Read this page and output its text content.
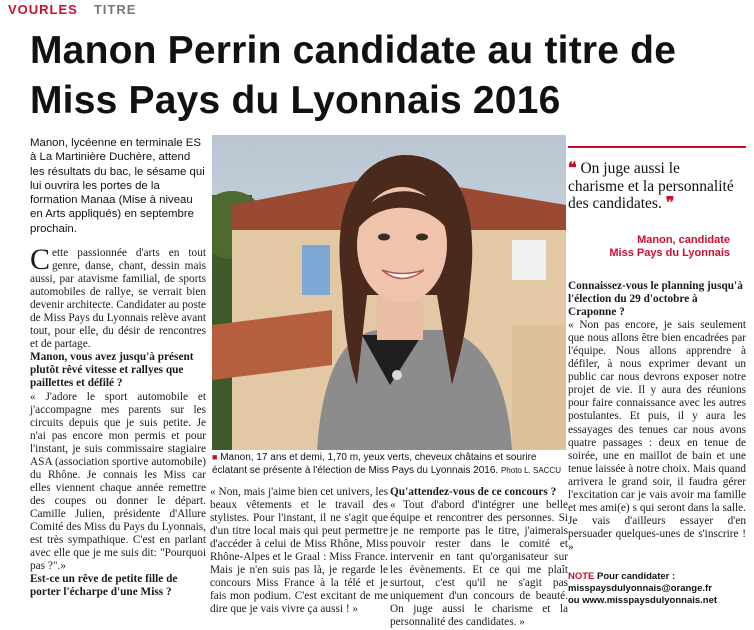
VOURLES TITRE
Manon Perrin candidate au titre de Miss Pays du Lyonnais 2016

Manon, lycéenne en terminale ES à La Martinière Duchère, attend les résultats du bac, le sésame qui lui ouvrira les portes de la formation Manaa (Mise à niveau en Arts appliqués) en septembre prochain.

Cette passionnée d'arts en tout genre, danse, chant, dessin mais aussi, par atavisme familial, de sports automobiles de rallye, se verrait bien devenir architecte. Candidater au poste de Miss Pays du Lyonnais relève avant tout, pour elle, du désir de rencontres et de partage.

Manon, vous avez jusqu'à présent plutôt rêvé vitesse et rallyes que paillettes et défilé ?

« J'adore le sport automobile et j'accompagne mes parents sur les circuits depuis que je suis petite. Je n'ai pas encore mon permis et pour l'instant, je suis commissaire stagiaire ASA (association sportive automobile) du Rhône. Je connais les Miss car elles viennent chaque année remettre des coupes ou donner le départ. Camille Julien, présidente d'Allure Comité des Miss du Pays du Lyonnais, est très sympathique. C'est en parlant avec elle que je me suis dit: "Pourquoi pas ?".»

Est-ce un rêve de petite fille de porter l'écharpe d'une Miss ?

« Non, mais j'aime bien cet univers, les beaux vêtements et le travail des stylistes. Pour l'instant, il ne s'agit que d'un titre local mais qui peut permettre d'accéder à celui de Miss Rhône, Miss Rhône-Alpes et le Graal : Miss France. Mais je n'en suis pas là, je regarde le concours Miss France à la télé et je fais mon podium. C'est excitant de me dire que je vais vivre ça aussi ! »

Qu'attendez-vous de ce concours ?

« Tout d'abord d'intégrer une belle équipe et rencontrer des personnes. Si je ne remporte pas le titre, j'aimerais pouvoir rester dans le comité et intervenir en tant qu'organisateur sur les évènements. Et ce qui me plaît surtout, c'est qu'il ne s'agit pas uniquement d'un concours de beauté. On juge aussi le charisme et la personnalité des candidates. »

Connaissez-vous le planning jusqu'à l'élection du 29 d'octobre à Craponne ?

« Non pas encore, je sais seulement que nous allons être bien encadrées par l'équipe. Nous allons apprendre à défiler, à nous exprimer devant un public car nous devrons exposer notre projet de vie. Il y aura des réunions pour faire connaissance avec les autres postulantes. Et puis, il y aura les essayages des tenues car nous avons quatre passages : deux en tenue de soirée, une en maillot de bain et une tenue laissée à notre choix. Mais quand arrivera le grand soir, il faudra gérer l'excitation car je vais avoir ma famille et mes ami(e) s qui seront dans la salle. Je vais d'ailleurs essayer d'en persuader quelques-unes de s'inscrire ! »

■ Manon, 17 ans et demi, 1,70 m, yeux verts, cheveux châtains et sourire éclatant se présente à l'élection de Miss Pays du Lyonnais 2016. Photo L. SACCU

❝ On juge aussi le charisme et la personnalité des candidates. ❞

Manon, candidate
Miss Pays du Lyonnais

NOTE Pour candidater :
misspaysdulyonnais@orange.fr
ou www.misspaysdulyonnais.net
